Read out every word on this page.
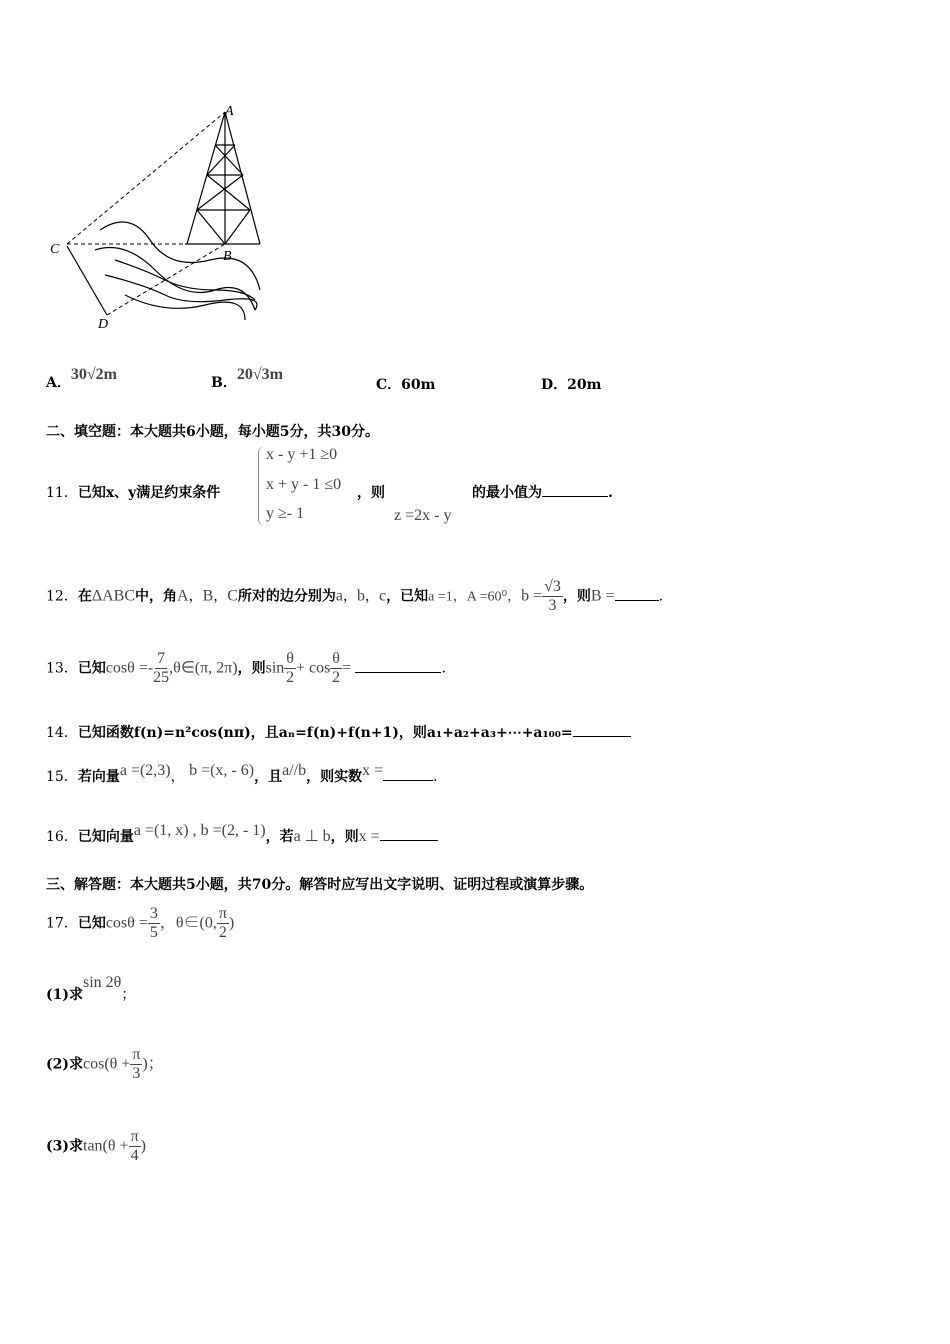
A
B
C
D
A．30√2m	B．20√3m
C．60m	D．20m
二、填空题：本大题共6小题，每小题5分，共30分。
11．已知x、y满足约束条件
x - y +1 ≥0
x + y - 1 ≤0
y ≥- 1
，则
z =2x - y
的最小值为	.
12．在ΔABC中，角A，B，C所对的边分别为a，b，c，已知a =1，A =60⁰，$b = \frac{√3}{3}$ ，则B =	.
13．已知$\cos\theta =- \frac{7}{25}$ ,θ∈(π, 2π)，则$\sin \frac{\theta}{2} + \cos \frac{\theta}{2}$ =	.
14．已知函数f(n)=n²cos(nπ)，且aₙ=f(n)+f(n+1)，则a₁+a₂+a₃+⋯+a₁₀₀=
15．若向量a =(2,3)， b =(x, - 6)，且a//b，则实数x =	.
16．已知向量a =(1, x) , b =(2, - 1)，若a ⊥ b，则x =
三、解答题：本大题共5小题，共70分。解答时应写出文字说明、证明过程或演算步骤。
17．已知$\cos\theta = \frac{3}{5}$ ，θ∈(0, $\frac{\pi}{2}$ )
(1)求sin 2θ；
(2)求$\cos(\theta + \frac{\pi}{3}$ )；
(3)求$\tan(\theta + \frac{\pi}{4}$ )
